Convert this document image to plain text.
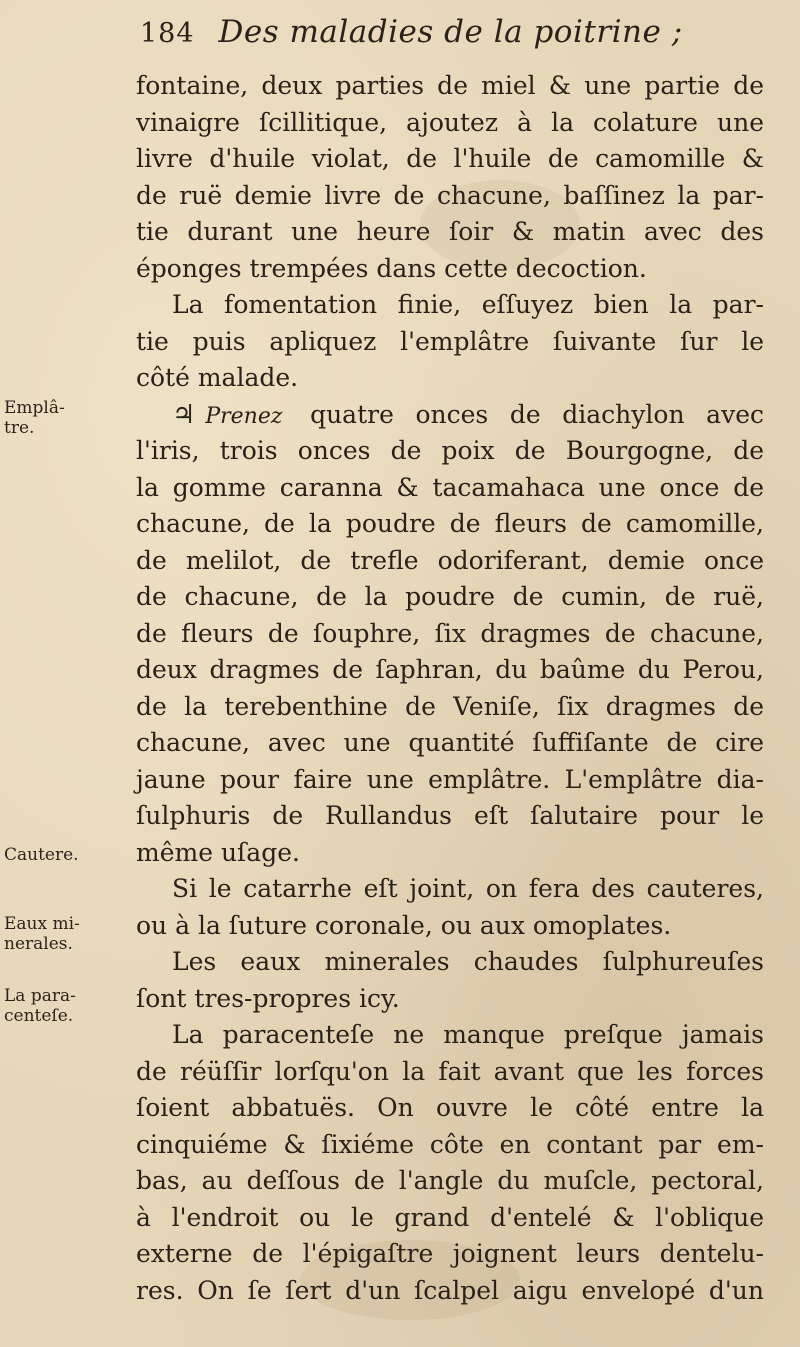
184 Des maladies de la poitrine ;
fontaine, deux parties de miel & une partie de
vinaigre ſcillitique, ajoutez à la colature une
livre d'huile violat, de l'huile de camomille &
de ruë demie livre de chacune, baſſinez la par-
tie durant une heure ſoir & matin avec des
éponges trempées dans cette decoction.
La fomentation finie, eſſuyez bien la par-
tie puis apliquez l'emplâtre ſuivante ſur le
côté malade.
♃ Prenez quatre onces de diachylon avec
l'iris, trois onces de poix de Bourgogne, de
la gomme caranna & tacamahaca une once de
chacune, de la poudre de fleurs de camomille,
de melilot, de trefle odoriferant, demie once
de chacune, de la poudre de cumin, de ruë,
de fleurs de ſouphre, ſix dragmes de chacune,
deux dragmes de ſaphran, du baûme du Perou,
de la terebenthine de Veniſe, ſix dragmes de
chacune, avec une quantité ſuffiſante de cire
jaune pour faire une emplâtre. L'emplâtre dia-
ſulphuris de Rullandus eſt ſalutaire pour le
même uſage.
Si le catarrhe eſt joint, on fera des cauteres,
ou à la ſuture coronale, ou aux omoplates.
Les eaux minerales chaudes ſulphureuſes
ſont tres-propres icy.
La paracenteſe ne manque preſque jamais
de réüſſir lorſqu'on la fait avant que les forces
ſoient abbatuës. On ouvre le côté entre la
cinquiéme & ſixiéme côte en contant par em-
bas, au deſſous de l'angle du muſcle, pectoral,
à l'endroit ou le grand d'entelé & l'oblique
externe de l'épigaſtre joignent leurs dentelu-
res. On ſe ſert d'un ſcalpel aigu envelopé d'un
Emplâ-
tre.
Cautere.
Eaux mi-
nerales.
La para-
centeſe.
